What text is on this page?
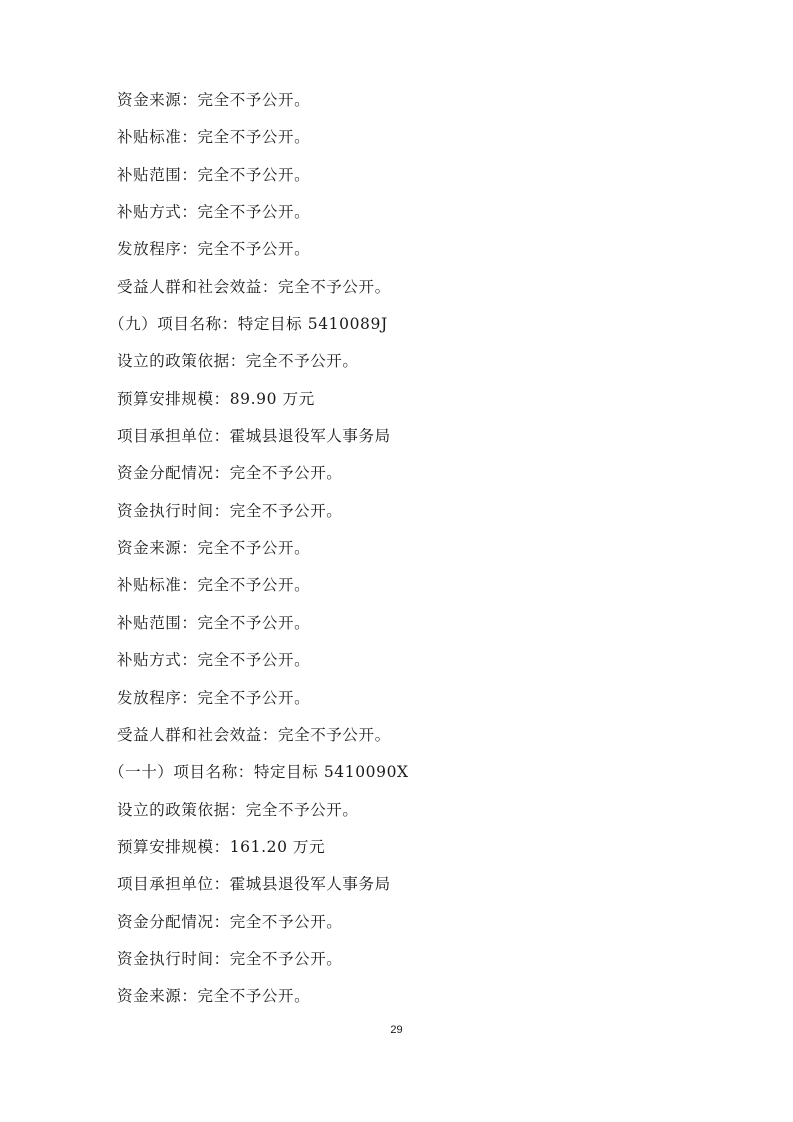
资金来源：完全不予公开。
补贴标准：完全不予公开。
补贴范围：完全不予公开。
补贴方式：完全不予公开。
发放程序：完全不予公开。
受益人群和社会效益：完全不予公开。
（九）项目名称：特定目标 5410089J
设立的政策依据：完全不予公开。
预算安排规模：89.90 万元
项目承担单位：霍城县退役军人事务局
资金分配情况：完全不予公开。
资金执行时间：完全不予公开。
资金来源：完全不予公开。
补贴标准：完全不予公开。
补贴范围：完全不予公开。
补贴方式：完全不予公开。
发放程序：完全不予公开。
受益人群和社会效益：完全不予公开。
（一十）项目名称：特定目标 5410090X
设立的政策依据：完全不予公开。
预算安排规模：161.20 万元
项目承担单位：霍城县退役军人事务局
资金分配情况：完全不予公开。
资金执行时间：完全不予公开。
资金来源：完全不予公开。
29
